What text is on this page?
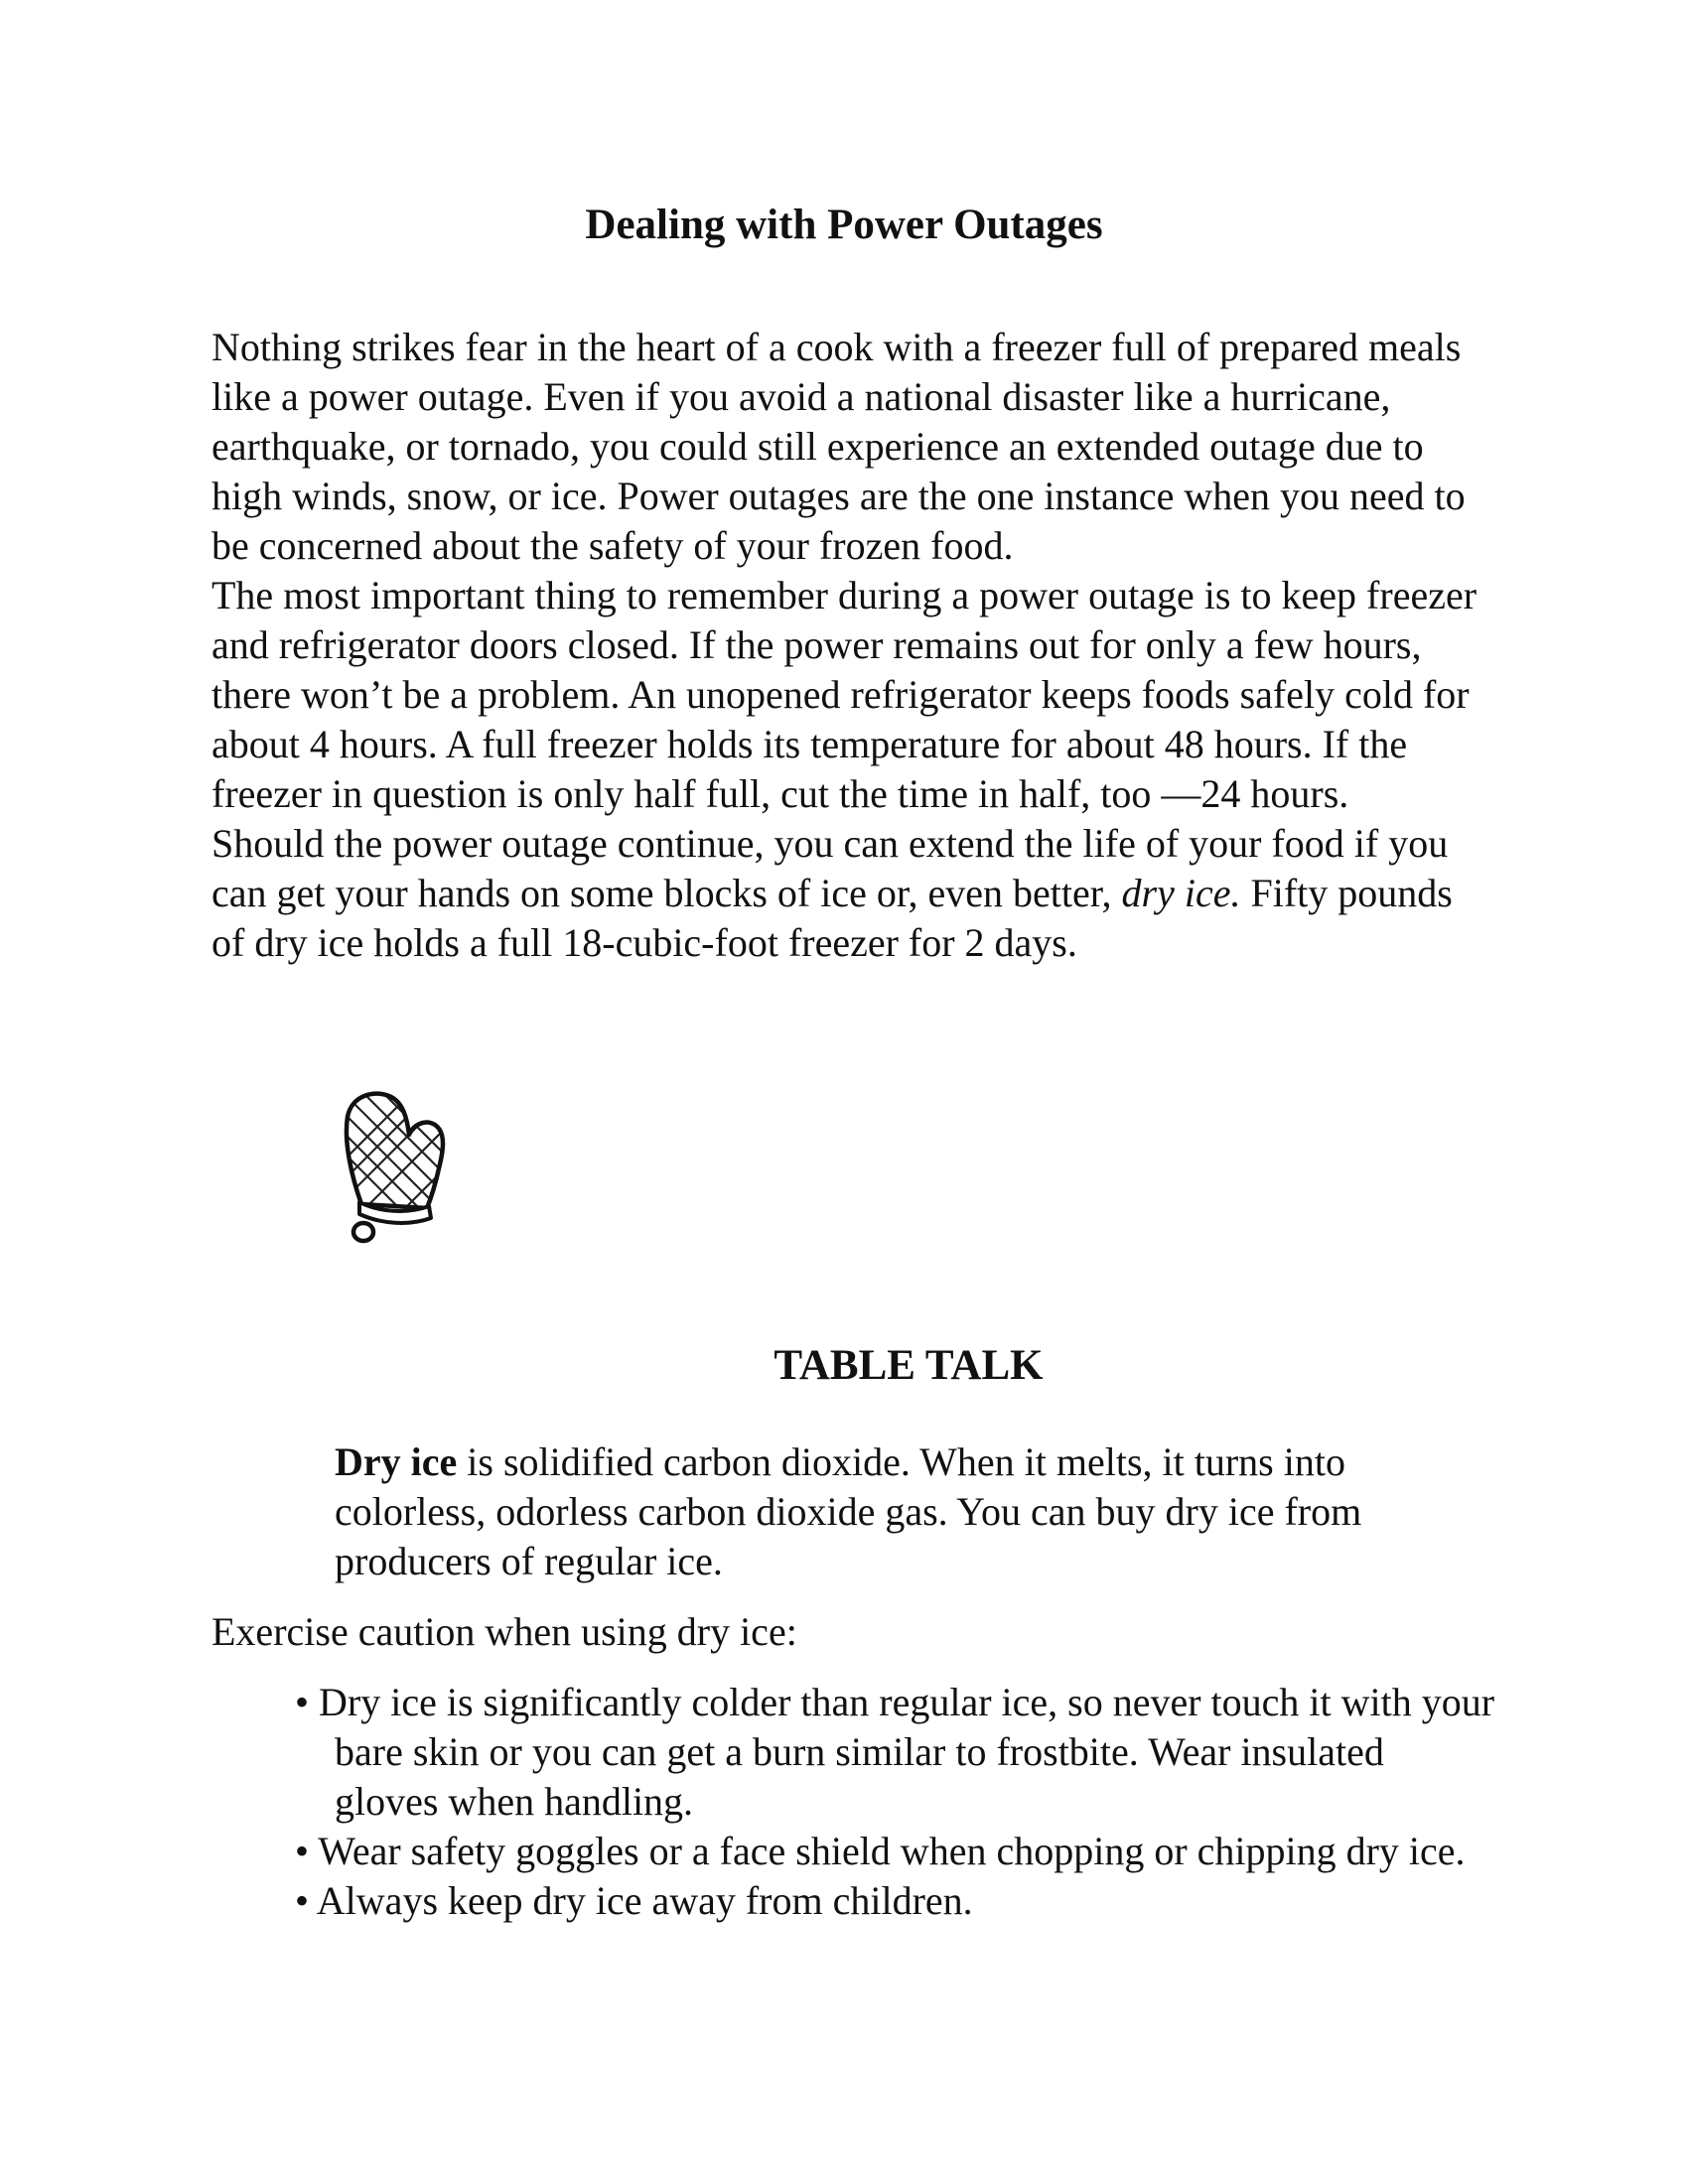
Dealing with Power Outages

Nothing strikes fear in the heart of a cook with a freezer full of prepared meals like a power outage. Even if you avoid a national disaster like a hurricane, earthquake, or tornado, you could still experience an extended outage due to high winds, snow, or ice. Power outages are the one instance when you need to be concerned about the safety of your frozen food.

The most important thing to remember during a power outage is to keep freezer and refrigerator doors closed. If the power remains out for only a few hours, there won’t be a problem. An unopened refrigerator keeps foods safely cold for about 4 hours. A full freezer holds its temperature for about 48 hours. If the freezer in question is only half full, cut the time in half, too —24 hours.

Should the power outage continue, you can extend the life of your food if you can get your hands on some blocks of ice or, even better, dry ice. Fifty pounds of dry ice holds a full 18-cubic-foot freezer for 2 days.

TABLE TALK

Dry ice is solidified carbon dioxide. When it melts, it turns into colorless, odorless carbon dioxide gas. You can buy dry ice from producers of regular ice.

Exercise caution when using dry ice:

• Dry ice is significantly colder than regular ice, so never touch it with your bare skin or you can get a burn similar to frostbite. Wear insulated gloves when handling.
• Wear safety goggles or a face shield when chopping or chipping dry ice.
• Always keep dry ice away from children.
